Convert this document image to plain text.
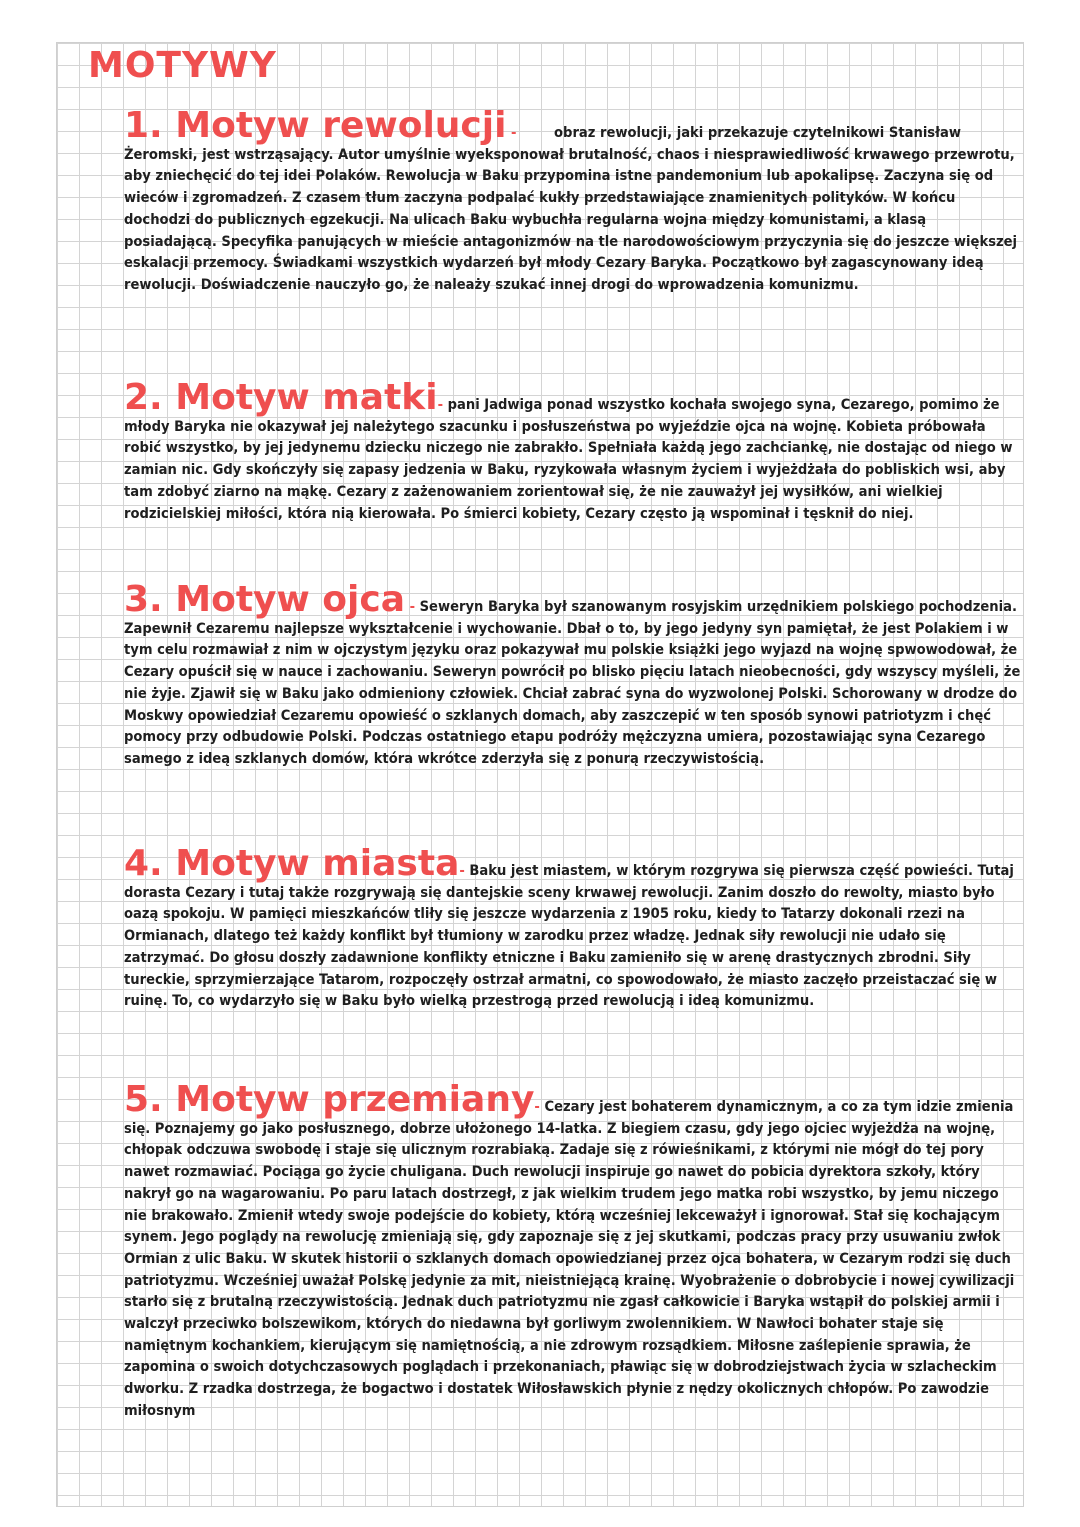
MOTYWY
1. Motyw rewolucji - obraz rewolucji, jaki przekazuje czytelnikowi Stanisław Żeromski, jest wstrząsający. Autor umyślnie wyeksponował brutalność, chaos i niesprawiedliwość krwawego przewrotu, aby zniechęcić do tej idei Polaków. Rewolucja w Baku przypomina istne pandemonium lub apokalipsę. Zaczyna się od wieców i zgromadzeń. Z czasem tłum zaczyna podpalać kukły przedstawiające znamienitych polityków. W końcu dochodzi do publicznych egzekucji. Na ulicach Baku wybuchła regularna wojna między komunistami, a klasą posiadającą. Specyfika panujących w mieście antagonizmów na tle narodowościowym przyczynia się do jeszcze większej eskalacji przemocy. Świadkami wszystkich wydarzeń był młody Cezary Baryka. Początkowo był zagascynowany ideą rewolucji. Doświadczenie nauczyło go, że naleaży szukać innej drogi do wprowadzenia komunizmu.
2. Motyw matki- pani Jadwiga ponad wszystko kochała swojego syna, Cezarego, pomimo że młody Baryka nie okazywał jej należytego szacunku i posłuszeństwa po wyjeździe ojca na wojnę. Kobieta próbowała robić wszystko, by jej jedynemu dziecku niczego nie zabrakło. Spełniała każdą jego zachciankę, nie dostając od niego w zamian nic. Gdy skończyły się zapasy jedzenia w Baku, ryzykowała własnym życiem i wyjeżdżała do pobliskich wsi, aby tam zdobyć ziarno na mąkę. Cezary z zażenowaniem zorientował się, że nie zauważył jej wysiłków, ani wielkiej rodzicielskiej miłości, która nią kierowała. Po śmierci kobiety, Cezary często ją wspominał i tęsknił do niej.
3. Motyw ojca - Seweryn Baryka był szanowanym rosyjskim urzędnikiem polskiego pochodzenia. Zapewnił Cezaremu najlepsze wykształcenie i wychowanie. Dbał o to, by jego jedyny syn pamiętał, że jest Polakiem i w tym celu rozmawiał z nim w ojczystym języku oraz pokazywał mu polskie książki jego wyjazd na wojnę spwowodował, że Cezary opuścił się w nauce i zachowaniu. Seweryn powrócił po blisko pięciu latach nieobecności, gdy wszyscy myśleli, że nie żyje. Zjawił się w Baku jako odmieniony człowiek. Chciał zabrać syna do wyzwolonej Polski. Schorowany w drodze do Moskwy opowiedział Cezaremu opowieść o szklanych domach, aby zaszczepić w ten sposób synowi patriotyzm i chęć pomocy przy odbudowie Polski. Podczas ostatniego etapu podróży mężczyzna umiera, pozostawiając syna Cezarego samego z ideą szklanych domów, która wkrótce zderzyła się z ponurą rzeczywistością.
4. Motyw miasta- Baku jest miastem, w którym rozgrywa się pierwsza część powieści. Tutaj dorasta Cezary i tutaj także rozgrywają się dantejskie sceny krwawej rewolucji. Zanim doszło do rewolty, miasto było oazą spokoju. W pamięci mieszkańców tliły się jeszcze wydarzenia z 1905 roku, kiedy to Tatarzy dokonali rzezi na Ormianach, dlatego też każdy konflikt był tłumiony w zarodku przez władzę. Jednak siły rewolucji nie udało się zatrzymać. Do głosu doszły zadawnione konflikty etniczne i Baku zamieniło się w arenę drastycznych zbrodni. Siły tureckie, sprzymierzające Tatarom, rozpoczęły ostrzał armatni, co spowodowało, że miasto zaczęło przeistaczać się w ruinę. To, co wydarzyło się w Baku było wielką przestrogą przed rewolucją i ideą komunizmu.
5. Motyw przemiany- Cezary jest bohaterem dynamicznym, a co za tym idzie zmienia się. Poznajemy go jako posłusznego, dobrze ułożonego 14-latka. Z biegiem czasu, gdy jego ojciec wyjeżdża na wojnę, chłopak odczuwa swobodę i staje się ulicznym rozrabiaką. Zadaje się z rówieśnikami, z którymi nie mógł do tej pory nawet rozmawiać. Pociąga go życie chuligana. Duch rewolucji inspiruje go nawet do pobicia dyrektora szkoły, który nakrył go na wagarowaniu. Po paru latach dostrzegł, z jak wielkim trudem jego matka robi wszystko, by jemu niczego nie brakowało. Zmienił wtedy swoje podejście do kobiety, którą wcześniej lekceważył i ignorował. Stał się kochającym synem. Jego poglądy na rewolucję zmieniają się, gdy zapoznaje się z jej skutkami, podczas pracy przy usuwaniu zwłok Ormian z ulic Baku. W skutek historii o szklanych domach opowiedzianej przez ojca bohatera, w Cezarym rodzi się duch patriotyzmu. Wcześniej uważał Polskę jedynie za mit, nieistniejącą krainę. Wyobrażenie o dobrobycie i nowej cywilizacji starło się z brutalną rzeczywistością. Jednak duch patriotyzmu nie zgasł całkowicie i Baryka wstąpił do polskiej armii i walczył przeciwko bolszewikom, których do niedawna był gorliwym zwolennikiem. W Nawłoci bohater staje się namiętnym kochankiem, kierującym się namiętnością, a nie zdrowym rozsądkiem. Miłosne zaślepienie sprawia, że zapomina o swoich dotychczasowych poglądach i przekonaniach, pławiąc się w dobrodziejstwach życia w szlacheckim dworku. Z rzadka dostrzega, że bogactwo i dostatek Wiłosławskich płynie z nędzy okolicznych chłopów. Po zawodzie miłosnym
